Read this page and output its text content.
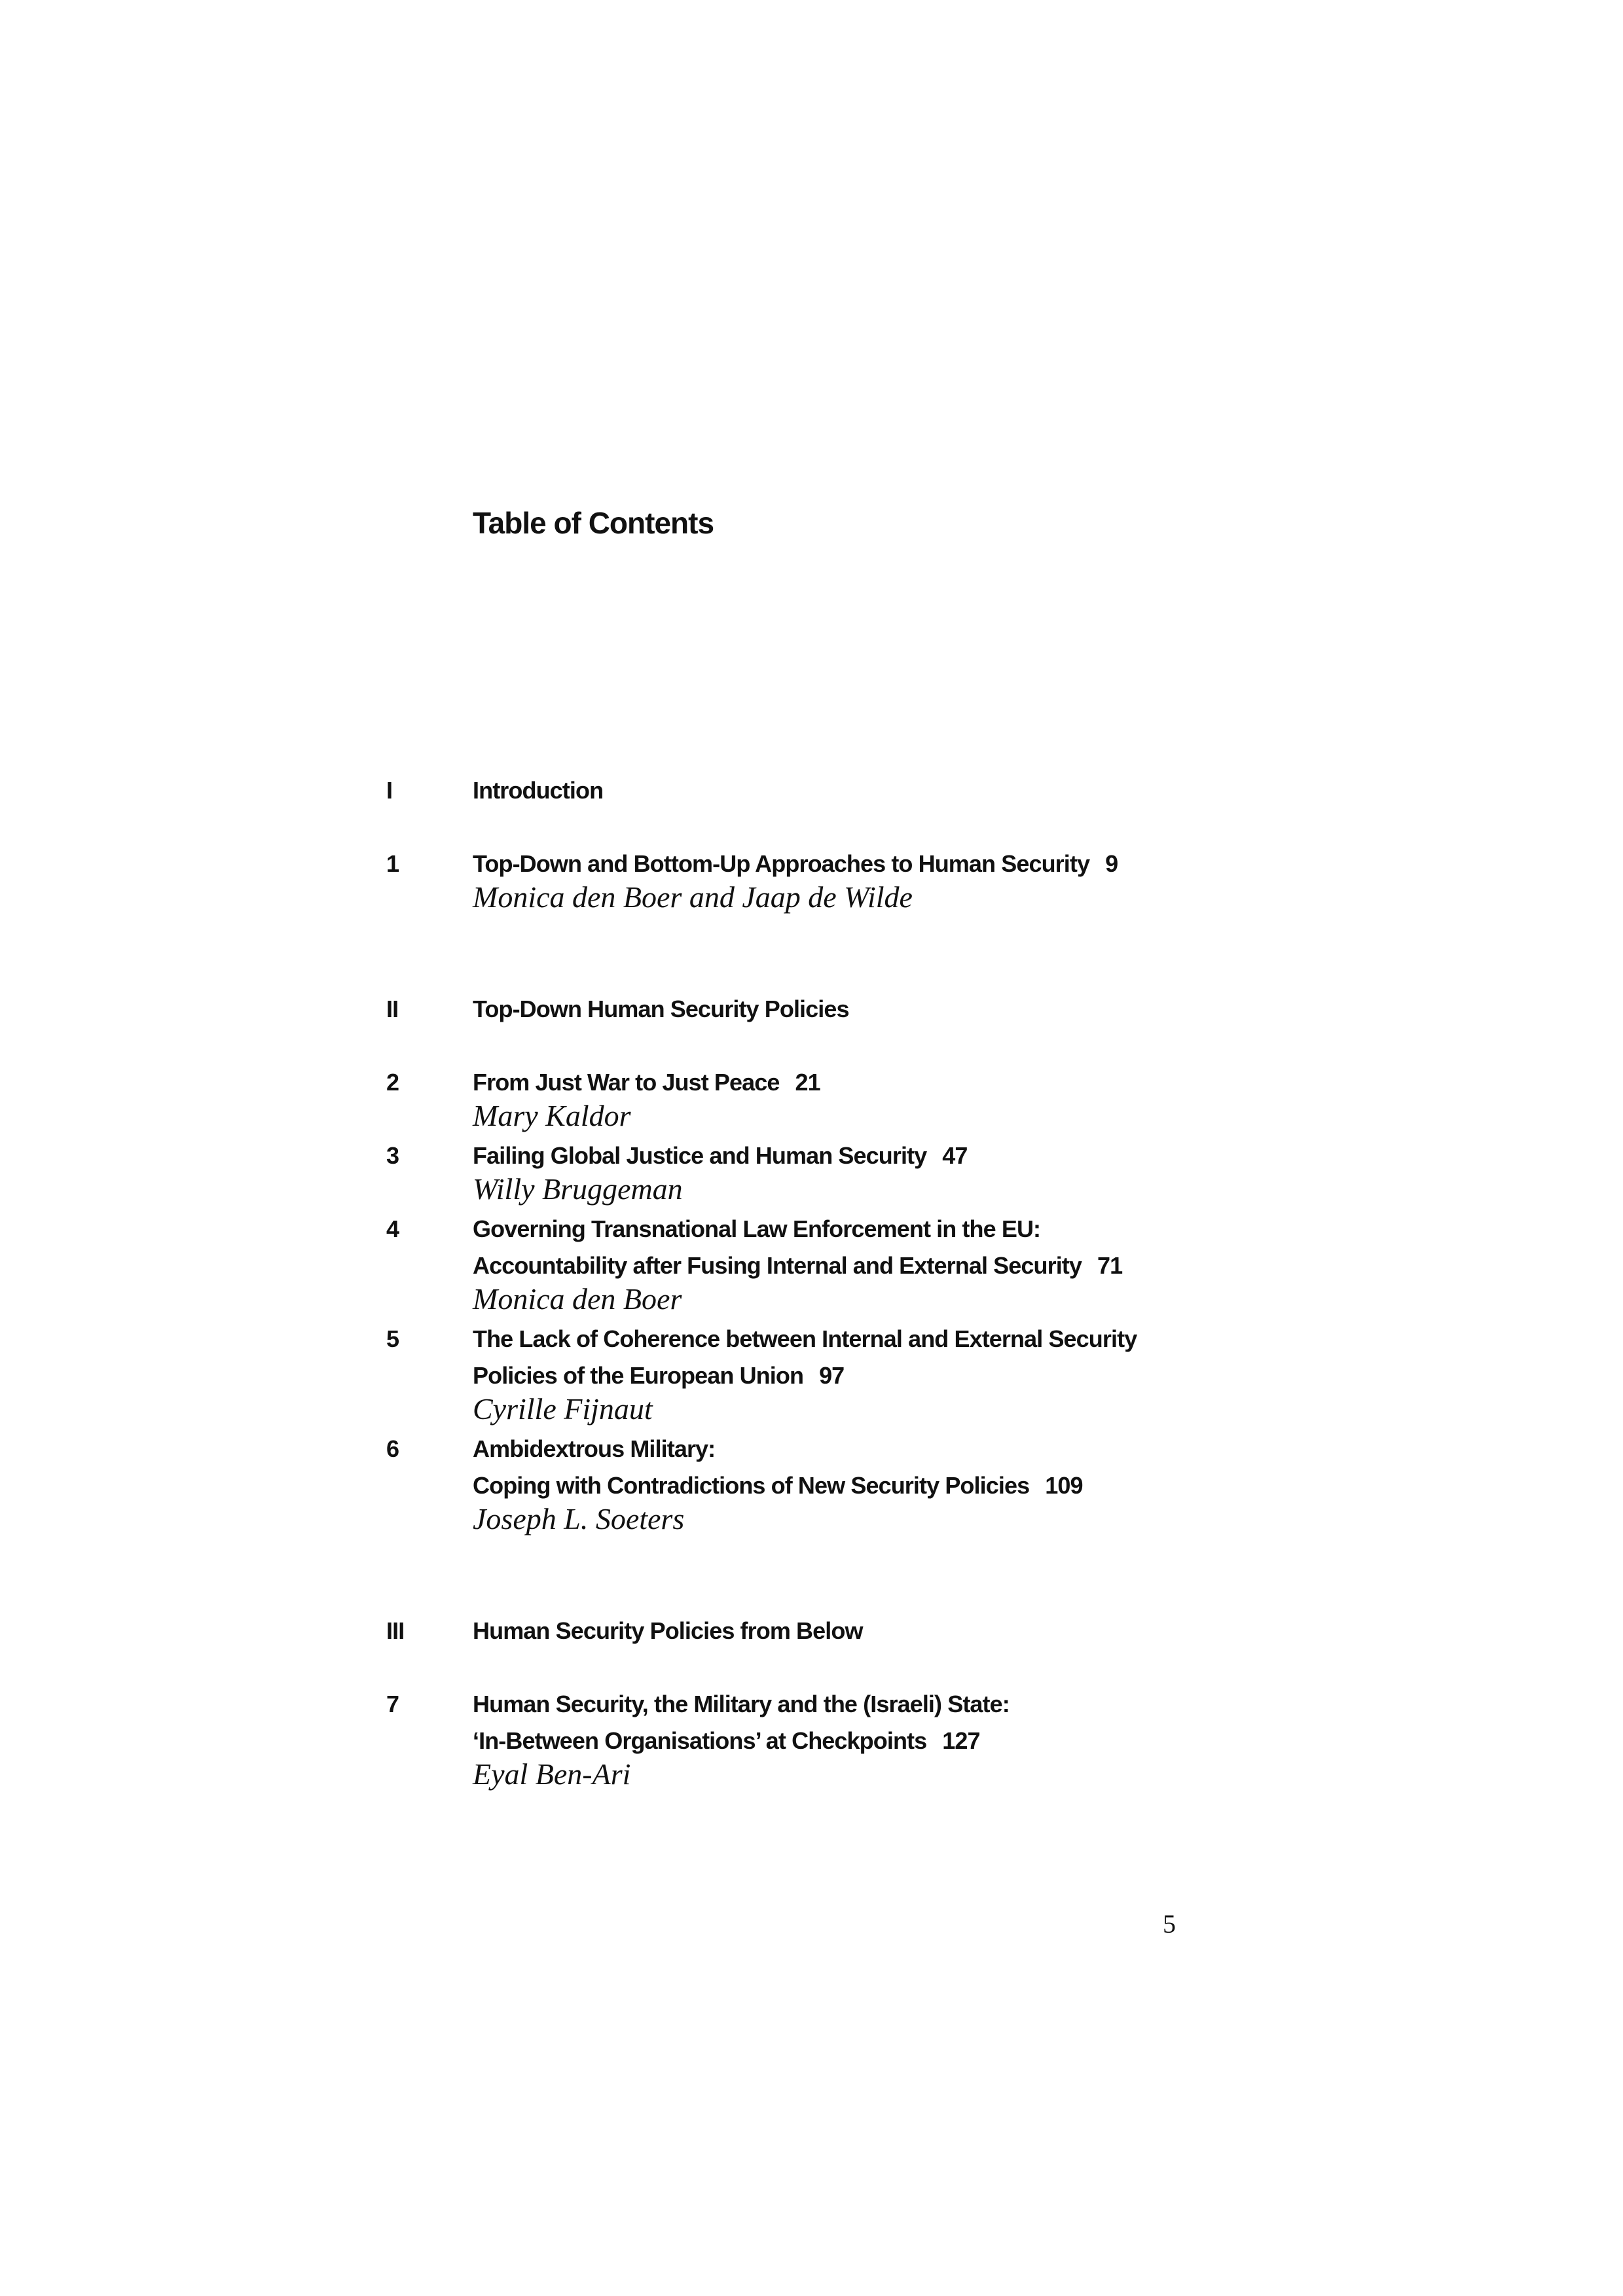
Table of Contents
I	Introduction
1	Top-Down and Bottom-Up Approaches to Human Security 9
Monica den Boer and Jaap de Wilde
II	Top-Down Human Security Policies
2	From Just War to Just Peace 21
Mary Kaldor
3	Failing Global Justice and Human Security 47
Willy Bruggeman
4	Governing Transnational Law Enforcement in the EU:
Accountability after Fusing Internal and External Security 71
Monica den Boer
5	The Lack of Coherence between Internal and External Security
Policies of the European Union 97
Cyrille Fijnaut
6	Ambidextrous Military:
Coping with Contradictions of New Security Policies 109
Joseph L. Soeters
III	Human Security Policies from Below
7	Human Security, the Military and the (Israeli) State:
‘In-Between Organisations’ at Checkpoints 127
Eyal Ben-Ari
5
